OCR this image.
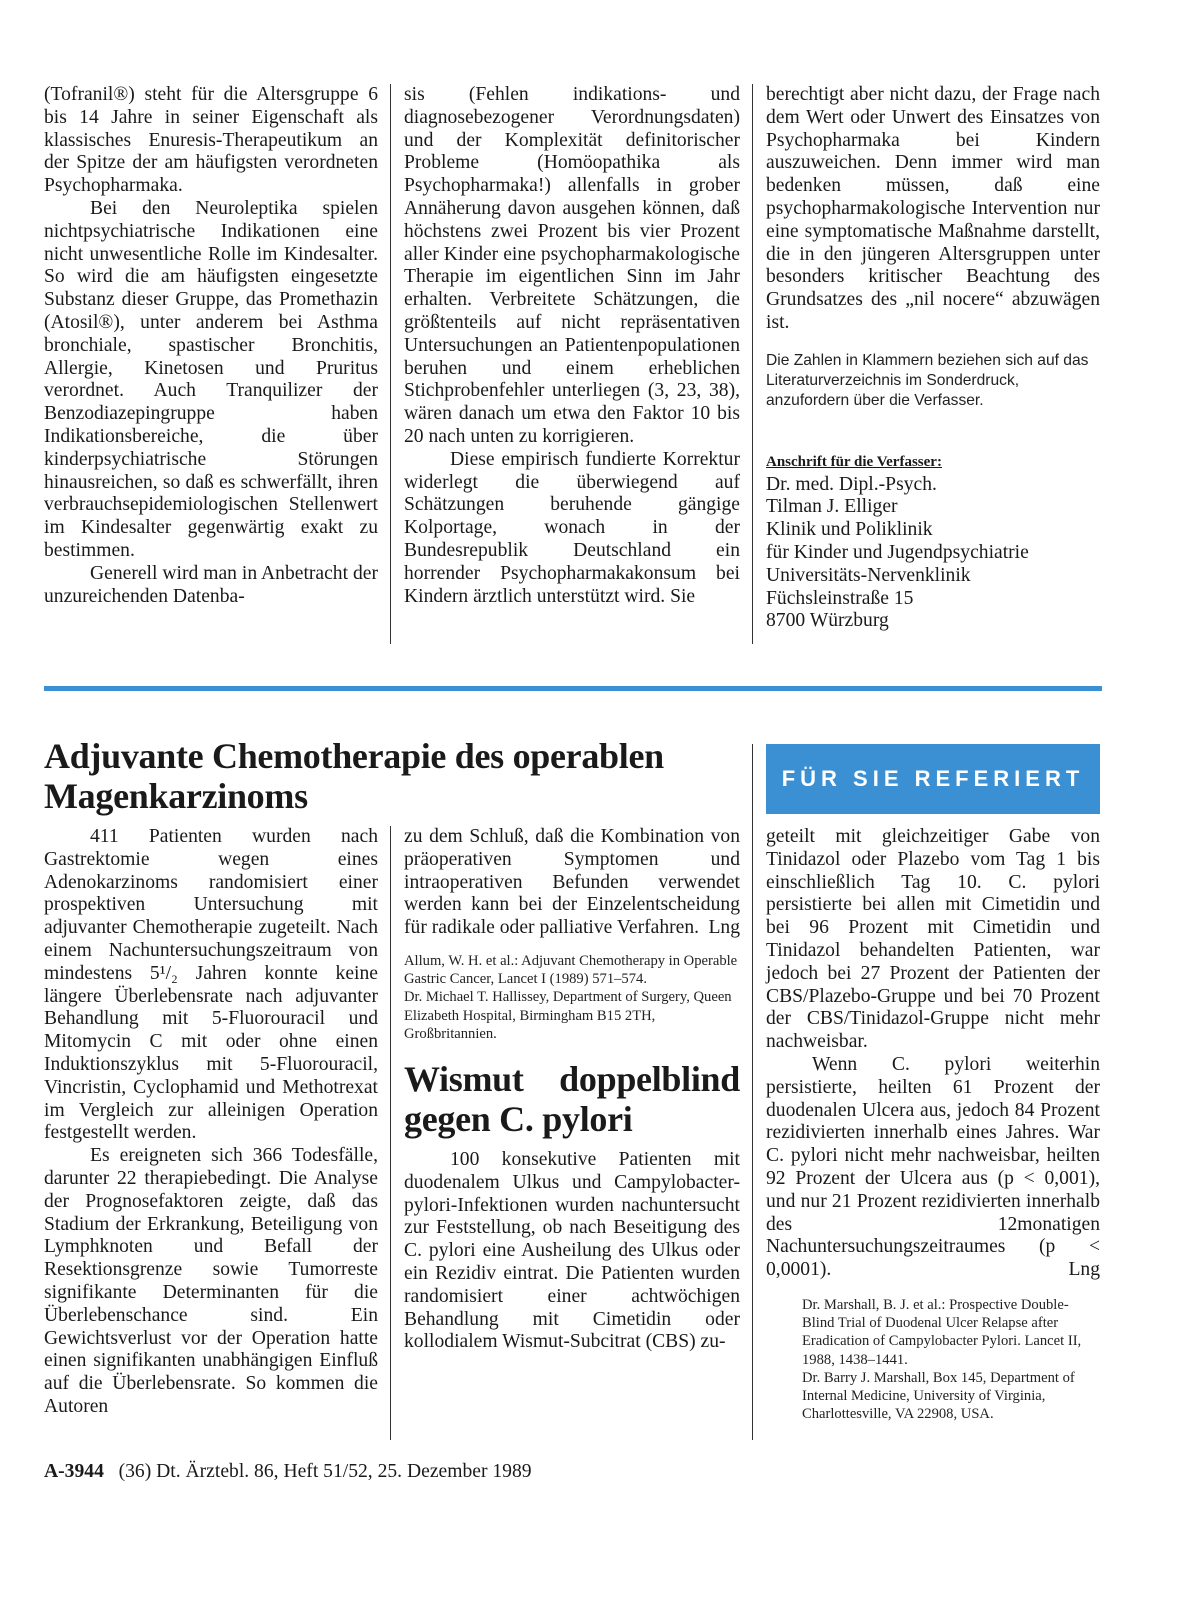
(Tofranil®) steht für die Altersgruppe 6 bis 14 Jahre in seiner Eigenschaft als klassisches Enuresis-Therapeutikum an der Spitze der am häufigsten verordneten Psychopharmaka.

Bei den Neuroleptika spielen nichtpsychiatrische Indikationen eine nicht unwesentliche Rolle im Kindesalter. So wird die am häufigsten eingesetzte Substanz dieser Gruppe, das Promethazin (Atosil®), unter anderem bei Asthma bronchiale, spastischer Bronchitis, Allergie, Kinetosen und Pruritus verordnet. Auch Tranquilizer der Benzodiazepingruppe haben Indikationsbereiche, die über kinderpsychiatrische Störungen hinausreichen, so daß es schwerfällt, ihren verbrauchsepidemiologischen Stellenwert im Kindesalter gegenwärtig exakt zu bestimmen.

Generell wird man in Anbetracht der unzureichenden Datenba-

sis (Fehlen indikations- und diagnosebezogener Verordnungsdaten) und der Komplexität definitorischer Probleme (Homöopathika als Psychopharmaka!) allenfalls in grober Annäherung davon ausgehen können, daß höchstens zwei Prozent bis vier Prozent aller Kinder eine psychopharmakologische Therapie im eigentlichen Sinn im Jahr erhalten. Verbreitete Schätzungen, die größtenteils auf nicht repräsentativen Untersuchungen an Patientenpopulationen beruhen und einem erheblichen Stichprobenfehler unterliegen (3, 23, 38), wären danach um etwa den Faktor 10 bis 20 nach unten zu korrigieren.

Diese empirisch fundierte Korrektur widerlegt die überwiegend auf Schätzungen beruhende gängige Kolportage, wonach in der Bundesrepublik Deutschland ein horrender Psychopharmakakonsum bei Kindern ärztlich unterstützt wird. Sie

berechtigt aber nicht dazu, der Frage nach dem Wert oder Unwert des Einsatzes von Psychopharmaka bei Kindern auszuweichen. Denn immer wird man bedenken müssen, daß eine psychopharmakologische Intervention nur eine symptomatische Maßnahme darstellt, die in den jüngeren Altersgruppen unter besonders kritischer Beachtung des Grundsatzes des „nil nocere“ abzuwägen ist.

Die Zahlen in Klammern beziehen sich auf das Literaturverzeichnis im Sonderdruck, anzufordern über die Verfasser.

Anschrift für die Verfasser:
Dr. med. Dipl.-Psych.
Tilman J. Elliger
Klinik und Poliklinik
für Kinder und Jugendpsychiatrie
Universitäts-Nervenklinik
Füchsleinstraße 15
8700 Würzburg
Adjuvante Chemotherapie des operablen Magenkarzinoms	FÜR SIE REFERIERT

411 Patienten wurden nach Gastrektomie wegen eines Adenokarzinoms randomisiert einer prospektiven Untersuchung mit adjuvanter Chemotherapie zugeteilt. Nach einem Nachuntersuchungszeitraum von mindestens 5¹/₂ Jahren konnte keine längere Überlebensrate nach adjuvanter Behandlung mit 5-Fluorouracil und Mitomycin C mit oder ohne einen Induktionszyklus mit 5-Fluorouracil, Vincristin, Cyclophamid und Methotrexat im Vergleich zur alleinigen Operation festgestellt werden.

Es ereigneten sich 366 Todesfälle, darunter 22 therapiebedingt. Die Analyse der Prognosefaktoren zeigte, daß das Stadium der Erkrankung, Beteiligung von Lymphknoten und Befall der Resektionsgrenze sowie Tumorreste signifikante Determinanten für die Überlebenschance sind. Ein Gewichtsverlust vor der Operation hatte einen signifikanten unabhängigen Einfluß auf die Überlebensrate. So kommen die Autoren

zu dem Schluß, daß die Kombination von präoperativen Symptomen und intraoperativen Befunden verwendet werden kann bei der Einzelentscheidung für radikale oder palliative Verfahren. Lng

Allum, W. H. et al.: Adjuvant Chemotherapy in Operable Gastric Cancer, Lancet I (1989) 571–574.

Dr. Michael T. Hallissey, Department of Surgery, Queen Elizabeth Hospital, Birmingham B15 2TH, Großbritannien.

Wismut doppelblind gegen C. pylori

100 konsekutive Patienten mit duodenalem Ulkus und Campylobacter-pylori-Infektionen wurden nachuntersucht zur Feststellung, ob nach Beseitigung des C. pylori eine Ausheilung des Ulkus oder ein Rezidiv eintrat. Die Patienten wurden randomisiert einer achtwöchigen Behandlung mit Cimetidin oder kollodialem Wismut-Subcitrat (CBS) zu-

geteilt mit gleichzeitiger Gabe von Tinidazol oder Plazebo vom Tag 1 bis einschließlich Tag 10. C. pylori persistierte bei allen mit Cimetidin und bei 96 Prozent mit Cimetidin und Tinidazol behandelten Patienten, war jedoch bei 27 Prozent der Patienten der CBS/Plazebo-Gruppe und bei 70 Prozent der CBS/Tinidazol-Gruppe nicht mehr nachweisbar.

Wenn C. pylori weiterhin persistierte, heilten 61 Prozent der duodenalen Ulcera aus, jedoch 84 Prozent rezidivierten innerhalb eines Jahres. War C. pylori nicht mehr nachweisbar, heilten 92 Prozent der Ulcera aus (p < 0,001), und nur 21 Prozent rezidivierten innerhalb des 12monatigen Nachuntersuchungszeitraumes (p < 0,0001).	Lng

Dr. Marshall, B. J. et al.: Prospective Double-Blind Trial of Duodenal Ulcer Relapse after Eradication of Campylobacter Pylori. Lancet II, 1988, 1438–1441.

Dr. Barry J. Marshall, Box 145, Department of Internal Medicine, University of Virginia, Charlottesville, VA 22908, USA.

A-3944 (36) Dt. Ärztebl. 86, Heft 51/52, 25. Dezember 1989
